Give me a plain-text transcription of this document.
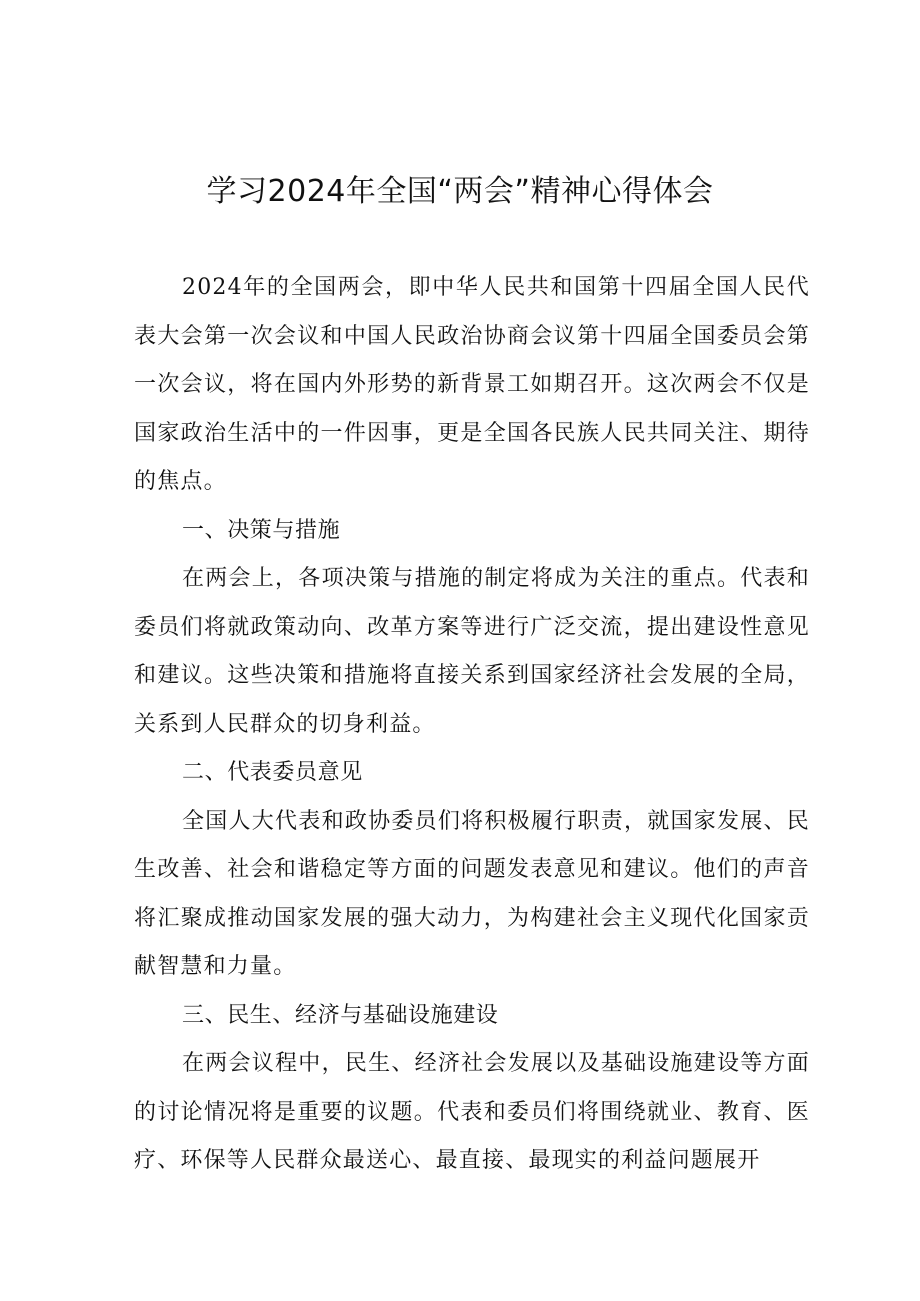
学习2024年全国“两会”精神心得体会

2024年的全国两会，即中华人民共和国第十四届全国人民代表大会第一次会议和中国人民政治协商会议第十四届全国委员会第一次会议，将在国内外形势的新背景工如期召开。这次两会不仅是国家政治生活中的一件因事，更是全国各民族人民共同关注、期待的焦点。

一、决策与措施

在两会上，各项决策与措施的制定将成为关注的重点。代表和委员们将就政策动向、改革方案等进行广泛交流，提出建设性意见和建议。这些决策和措施将直接关系到国家经济社会发展的全局，关系到人民群众的切身利益。

二、代表委员意见

全国人大代表和政协委员们将积极履行职责，就国家发展、民生改善、社会和谐稳定等方面的问题发表意见和建议。他们的声音将汇聚成推动国家发展的强大动力，为构建社会主义现代化国家贡献智慧和力量。

三、民生、经济与基础设施建设

在两会议程中，民生、经济社会发展以及基础设施建设等方面的讨论情况将是重要的议题。代表和委员们将围绕就业、教育、医疗、环保等人民群众最送心、最直接、最现实的利益问题展开
